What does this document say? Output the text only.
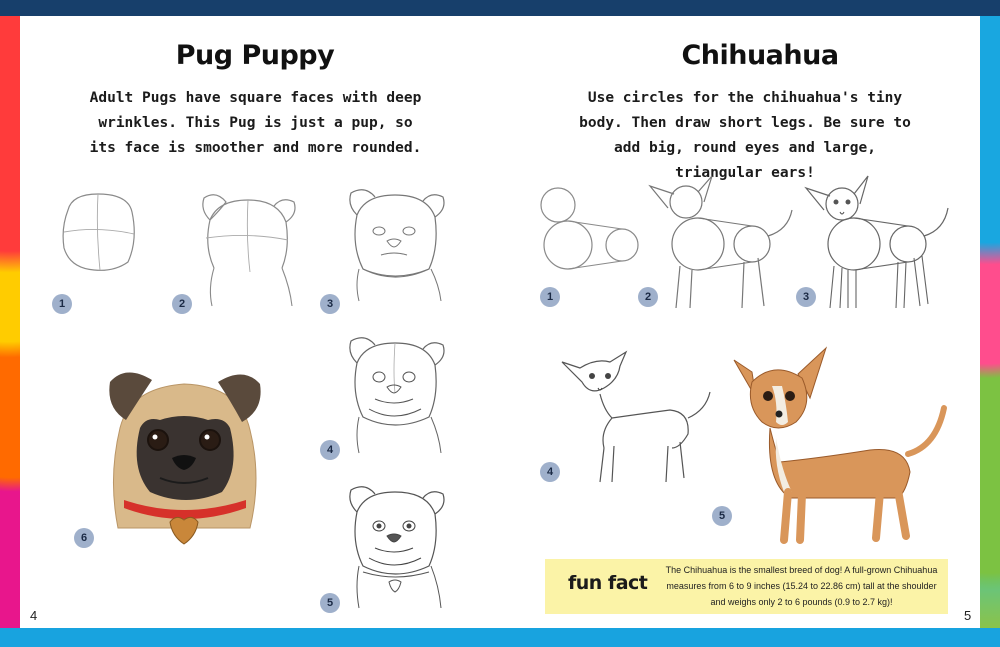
Pug Puppy

Adult Pugs have square faces with deep wrinkles. This Pug is just a pup, so its face is smoother and more rounded.

1	2	3
4
5
6
4
Chihuahua

Use circles for the chihuahua's tiny body. Then draw short legs. Be sure to add big, round eyes and large, triangular ears!

1	2	3
4
5
fun fact
The Chihuahua is the smallest breed of dog! A full-grown Chihuahua measures from 6 to 9 inches (15.24 to 22.86 cm) tall at the shoulder and weighs only 2 to 6 pounds (0.9 to 2.7 kg)!
5
